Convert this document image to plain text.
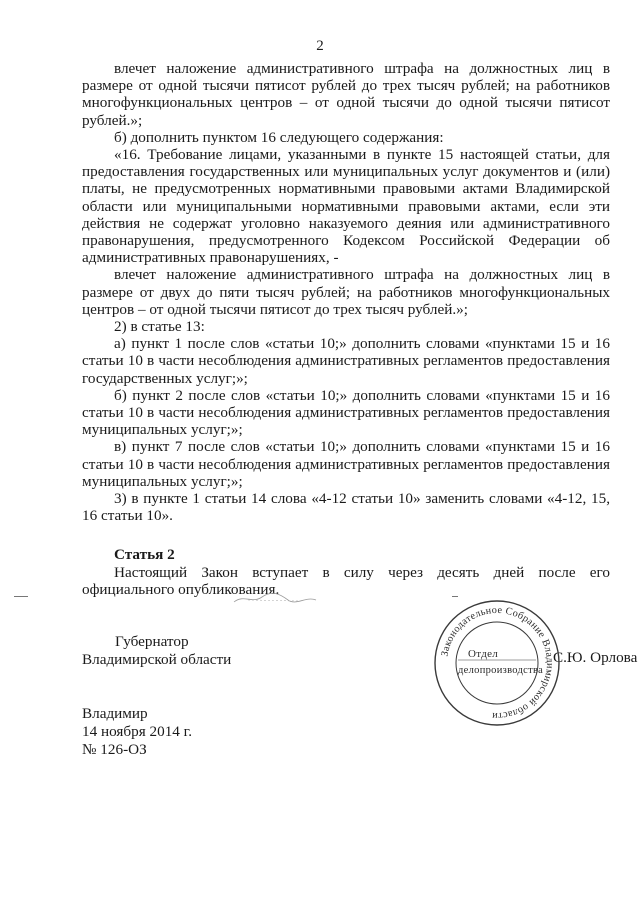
2

влечет наложение административного штрафа на должностных лиц в размере от одной тысячи пятисот рублей до трех тысяч рублей; на работников многофункциональных центров – от одной тысячи до одной тысячи пятисот рублей.»;

б) дополнить пунктом 16 следующего содержания:

«16. Требование лицами, указанными в пункте 15 настоящей статьи, для предоставления государственных или муниципальных услуг документов и (или) платы, не предусмотренных нормативными правовыми актами Владимирской области или муниципальными нормативными правовыми актами, если эти действия не содержат уголовно наказуемого деяния или административного правонарушения, предусмотренного Кодексом Российской Федерации об административных правонарушениях, -

влечет наложение административного штрафа на должностных лиц в размере от двух до пяти тысяч рублей; на работников многофункциональных центров – от одной тысячи пятисот до трех тысяч рублей.»;

2) в статье 13:

а) пункт 1 после слов «статьи 10;» дополнить словами «пунктами 15 и 16 статьи 10 в части несоблюдения административных регламентов предоставления государственных услуг;»;

б) пункт 2 после слов «статьи 10;» дополнить словами «пунктами 15 и 16 статьи 10 в части несоблюдения административных регламентов предоставления муниципальных услуг;»;

в) пункт 7 после слов «статьи 10;» дополнить словами «пунктами 15 и 16 статьи 10 в части несоблюдения административных регламентов предоставления муниципальных услуг;»;

3) в пункте 1 статьи 14 слова «4-12 статьи 10» заменить словами «4-12, 15, 16 статьи 10».

Статья 2

Настоящий Закон вступает в силу через десять дней после его официального опубликования.

Губернатор
Владимирской области	С.Ю. Орлова
Законодательное Собрание Владимирской области
Отдел
делопроизводства
Владимир
14 ноября 2014 г.
№ 126-ОЗ
